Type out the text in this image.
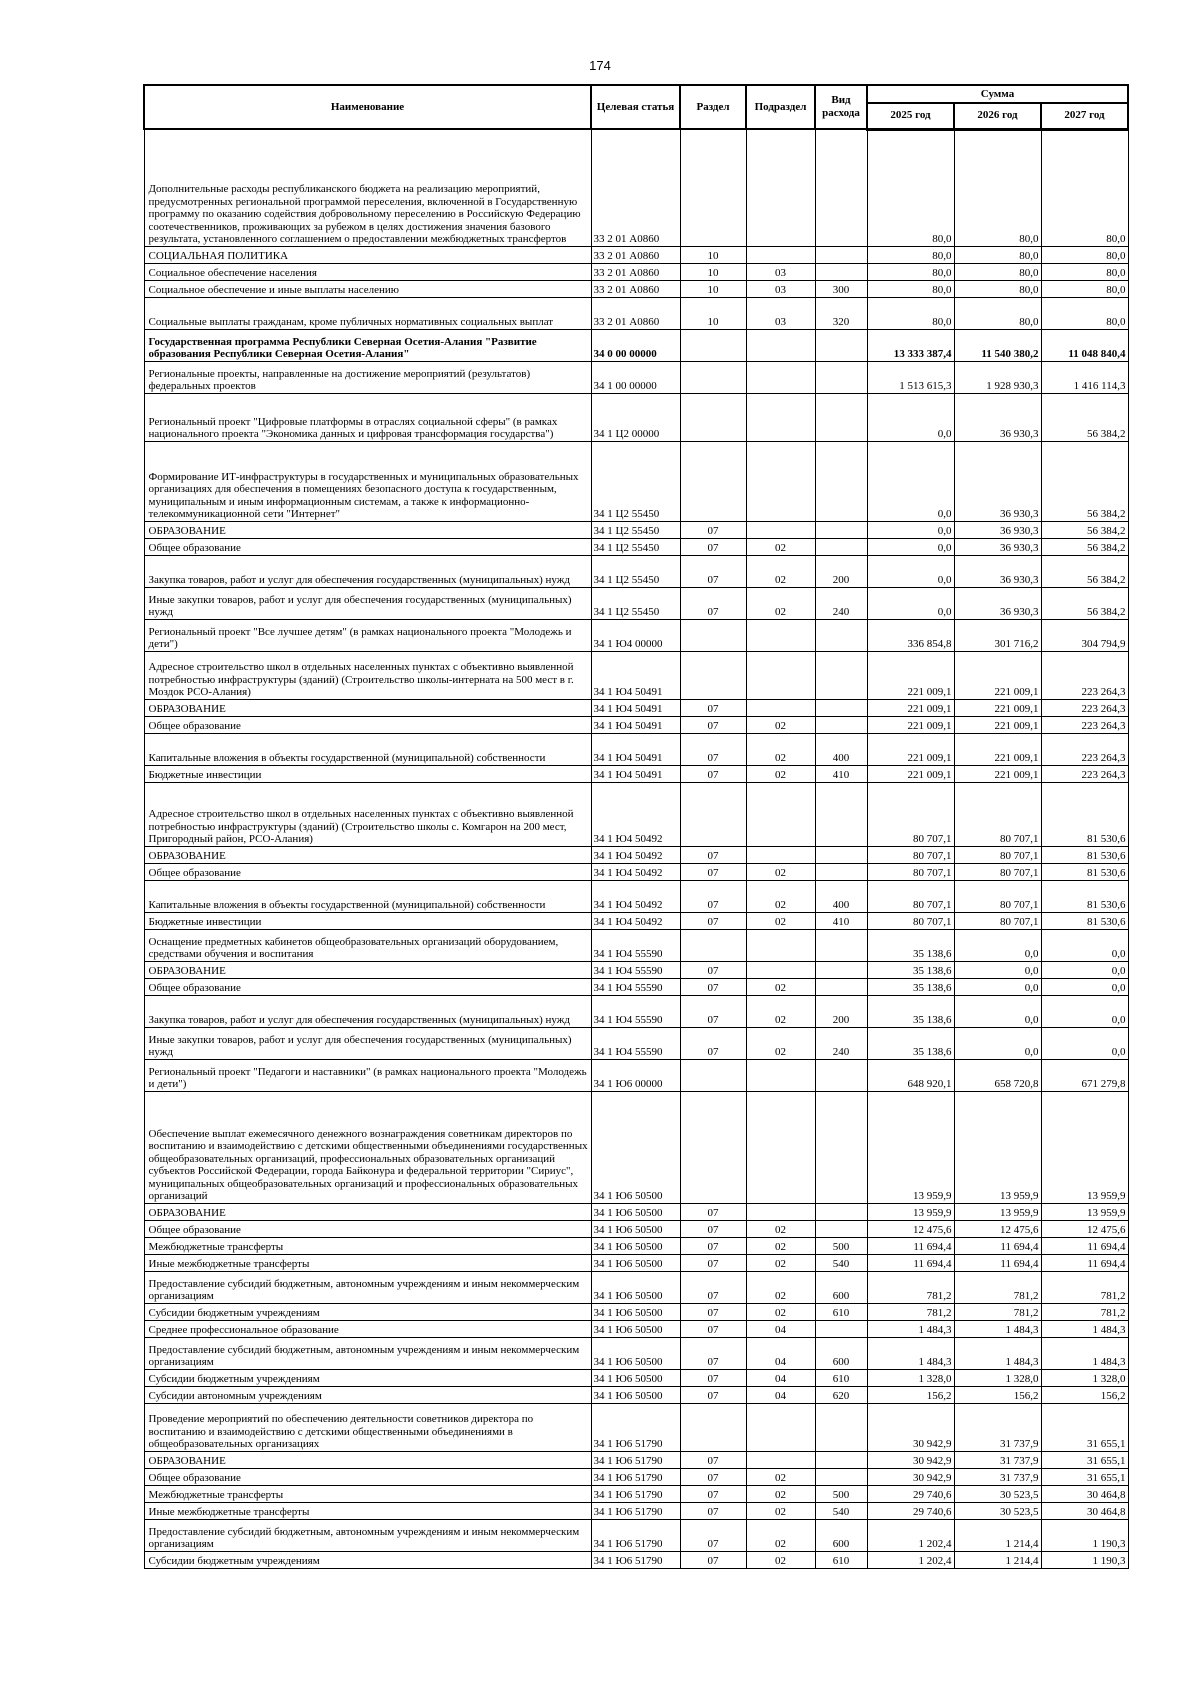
174
Наименование	Целевая статья	Раздел	Подраздел	Вид расхода	Сумма		
					2025 год	2026 год	2027 год
Дополнительные расходы республиканского бюджета на реализацию мероприятий, предусмотренных региональной программой переселения, включенной в Государственную программу по оказанию содействия добровольному переселению в Российскую Федерацию соотечественников, проживающих за рубежом в целях достижения значения базового результата, установленного соглашением о предоставлении межбюджетных трансфертов	33 2 01 А0860				80,0	80,0	80,0
СОЦИАЛЬНАЯ ПОЛИТИКА	33 2 01 А0860	10			80,0	80,0	80,0
Социальное обеспечение населения	33 2 01 А0860	10	03		80,0	80,0	80,0
Социальное обеспечение и иные выплаты населению	33 2 01 А0860	10	03	300	80,0	80,0	80,0
Социальные выплаты гражданам, кроме публичных нормативных социальных выплат	33 2 01 А0860	10	03	320	80,0	80,0	80,0
Государственная программа Республики Северная Осетия-Алания "Развитие образования Республики Северная Осетия-Алания"	34 0 00 00000				13 333 387,4	11 540 380,2	11 048 840,4
Региональные проекты, направленные на достижение мероприятий (результатов) федеральных проектов	34 1 00 00000				1 513 615,3	1 928 930,3	1 416 114,3
Региональный проект "Цифровые платформы в отраслях социальной сферы" (в рамках национального проекта "Экономика данных и цифровая трансформация государства")	34 1 Ц2 00000				0,0	36 930,3	56 384,2
Формирование ИТ-инфраструктуры в государственных и муниципальных образовательных организациях для обеспечения в помещениях безопасного доступа к государственным, муниципальным и иным информационным системам, а также к информационно-телекоммуникационной сети "Интернет"	34 1 Ц2 55450				0,0	36 930,3	56 384,2
ОБРАЗОВАНИЕ	34 1 Ц2 55450	07			0,0	36 930,3	56 384,2
Общее образование	34 1 Ц2 55450	07	02		0,0	36 930,3	56 384,2
Закупка товаров, работ и услуг для обеспечения государственных (муниципальных) нужд	34 1 Ц2 55450	07	02	200	0,0	36 930,3	56 384,2
Иные закупки товаров, работ и услуг для обеспечения государственных (муниципальных) нужд	34 1 Ц2 55450	07	02	240	0,0	36 930,3	56 384,2
Региональный проект "Все лучшее детям" (в рамках национального проекта "Молодежь и дети")	34 1 Ю4 00000				336 854,8	301 716,2	304 794,9
Адресное строительство школ в отдельных населенных пунктах с объективно выявленной потребностью инфраструктуры (зданий) (Строительство школы-интерната на 500 мест в г. Моздок РСО-Алания)	34 1 Ю4 50491				221 009,1	221 009,1	223 264,3
ОБРАЗОВАНИЕ	34 1 Ю4 50491	07			221 009,1	221 009,1	223 264,3
Общее образование	34 1 Ю4 50491	07	02		221 009,1	221 009,1	223 264,3
Капитальные вложения в объекты государственной (муниципальной) собственности	34 1 Ю4 50491	07	02	400	221 009,1	221 009,1	223 264,3
Бюджетные инвестиции	34 1 Ю4 50491	07	02	410	221 009,1	221 009,1	223 264,3
Адресное строительство школ в отдельных населенных пунктах с объективно выявленной потребностью инфраструктуры (зданий) (Строительство школы с. Комгарон на 200 мест, Пригородный район, РСО-Алания)	34 1 Ю4 50492				80 707,1	80 707,1	81 530,6
ОБРАЗОВАНИЕ	34 1 Ю4 50492	07			80 707,1	80 707,1	81 530,6
Общее образование	34 1 Ю4 50492	07	02		80 707,1	80 707,1	81 530,6
Капитальные вложения в объекты государственной (муниципальной) собственности	34 1 Ю4 50492	07	02	400	80 707,1	80 707,1	81 530,6
Бюджетные инвестиции	34 1 Ю4 50492	07	02	410	80 707,1	80 707,1	81 530,6
Оснащение предметных кабинетов общеобразовательных организаций оборудованием, средствами обучения и воспитания	34 1 Ю4 55590				35 138,6	0,0	0,0
ОБРАЗОВАНИЕ	34 1 Ю4 55590	07			35 138,6	0,0	0,0
Общее образование	34 1 Ю4 55590	07	02		35 138,6	0,0	0,0
Закупка товаров, работ и услуг для обеспечения государственных (муниципальных) нужд	34 1 Ю4 55590	07	02	200	35 138,6	0,0	0,0
Иные закупки товаров, работ и услуг для обеспечения государственных (муниципальных) нужд	34 1 Ю4 55590	07	02	240	35 138,6	0,0	0,0
Региональный проект "Педагоги и наставники" (в рамках национального проекта "Молодежь и дети")	34 1 Ю6 00000				648 920,1	658 720,8	671 279,8
Обеспечение выплат ежемесячного денежного вознаграждения советникам директоров по воспитанию и взаимодействию с детскими общественными объединениями государственных общеобразовательных организаций, профессиональных образовательных организаций субъектов Российской Федерации, города Байконура и федеральной территории "Сириус", муниципальных общеобразовательных организаций и профессиональных образовательных организаций	34 1 Ю6 50500				13 959,9	13 959,9	13 959,9
ОБРАЗОВАНИЕ	34 1 Ю6 50500	07			13 959,9	13 959,9	13 959,9
Общее образование	34 1 Ю6 50500	07	02		12 475,6	12 475,6	12 475,6
Межбюджетные трансферты	34 1 Ю6 50500	07	02	500	11 694,4	11 694,4	11 694,4
Иные межбюджетные трансферты	34 1 Ю6 50500	07	02	540	11 694,4	11 694,4	11 694,4
Предоставление субсидий бюджетным, автономным учреждениям и иным некоммерческим организациям	34 1 Ю6 50500	07	02	600	781,2	781,2	781,2
Субсидии бюджетным учреждениям	34 1 Ю6 50500	07	02	610	781,2	781,2	781,2
Среднее профессиональное образование	34 1 Ю6 50500	07	04		1 484,3	1 484,3	1 484,3
Предоставление субсидий бюджетным, автономным учреждениям и иным некоммерческим организациям	34 1 Ю6 50500	07	04	600	1 484,3	1 484,3	1 484,3
Субсидии бюджетным учреждениям	34 1 Ю6 50500	07	04	610	1 328,0	1 328,0	1 328,0
Субсидии автономным учреждениям	34 1 Ю6 50500	07	04	620	156,2	156,2	156,2
Проведение мероприятий по обеспечению деятельности советников директора по воспитанию и взаимодействию с детскими общественными объединениями в общеобразовательных организациях	34 1 Ю6 51790				30 942,9	31 737,9	31 655,1
ОБРАЗОВАНИЕ	34 1 Ю6 51790	07			30 942,9	31 737,9	31 655,1
Общее образование	34 1 Ю6 51790	07	02		30 942,9	31 737,9	31 655,1
Межбюджетные трансферты	34 1 Ю6 51790	07	02	500	29 740,6	30 523,5	30 464,8
Иные межбюджетные трансферты	34 1 Ю6 51790	07	02	540	29 740,6	30 523,5	30 464,8
Предоставление субсидий бюджетным, автономным учреждениям и иным некоммерческим организациям	34 1 Ю6 51790	07	02	600	1 202,4	1 214,4	1 190,3
Субсидии бюджетным учреждениям	34 1 Ю6 51790	07	02	610	1 202,4	1 214,4	1 190,3
